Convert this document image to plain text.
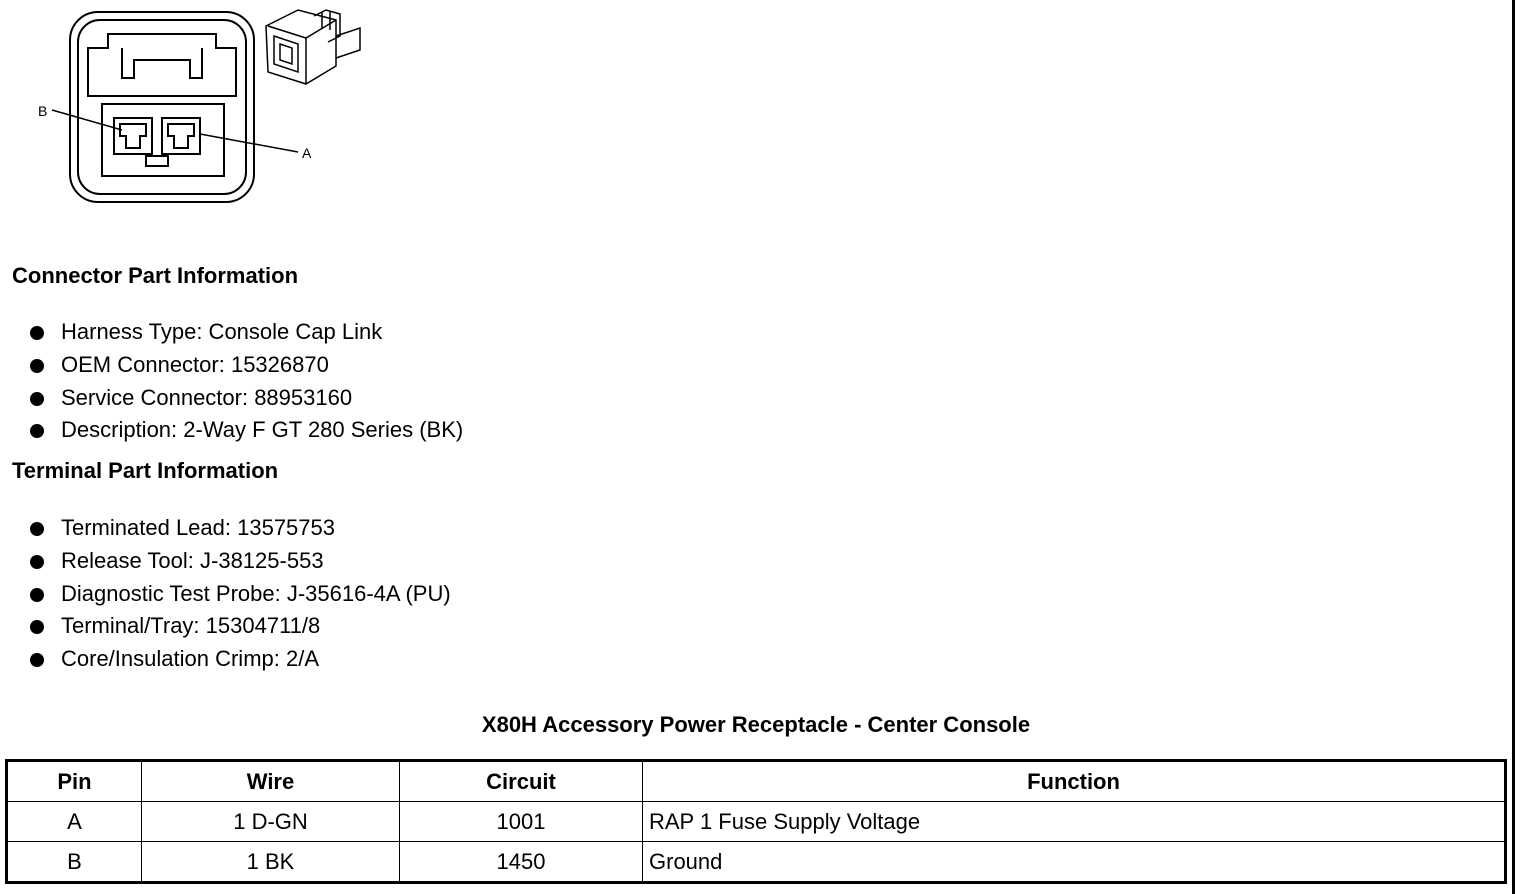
B
A
Connector Part Information
Harness Type: Console Cap Link
OEM Connector: 15326870
Service Connector: 88953160
Description: 2-Way F GT 280 Series (BK)
Terminal Part Information
Terminated Lead: 13575753
Release Tool: J-38125-553
Diagnostic Test Probe: J-35616-4A (PU)
Terminal/Tray: 15304711/8
Core/Insulation Crimp: 2/A
X80H Accessory Power Receptacle - Center Console
Pin	Wire	Circuit	Function
A	1 D-GN	1001	RAP 1 Fuse Supply Voltage
B	1 BK	1450	Ground
